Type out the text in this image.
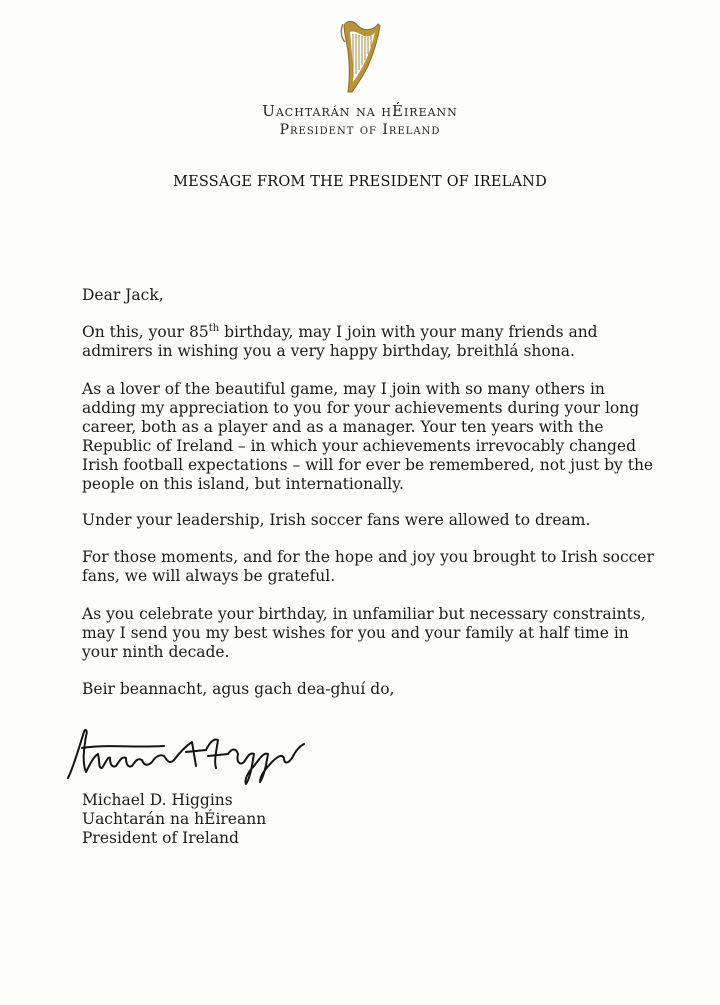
Uachtarán na hÉireann
President of Ireland
MESSAGE FROM THE PRESIDENT OF IRELAND
Dear Jack,
On this, your 85th birthday, may I join with your many friends and admirers in wishing you a very happy birthday, breithlá shona.
As a lover of the beautiful game, may I join with so many others in adding my appreciation to you for your achievements during your long career, both as a player and as a manager. Your ten years with the Republic of Ireland – in which your achievements irrevocably changed Irish football expectations – will for ever be remembered, not just by the people on this island, but internationally.
Under your leadership, Irish soccer fans were allowed to dream.
For those moments, and for the hope and joy you brought to Irish soccer fans, we will always be grateful.
As you celebrate your birthday, in unfamiliar but necessary constraints, may I send you my best wishes for you and your family at half time in your ninth decade.
Beir beannacht, agus gach dea-ghuí do,
Michael D. Higgins
Uachtarán na hÉireann
President of Ireland
